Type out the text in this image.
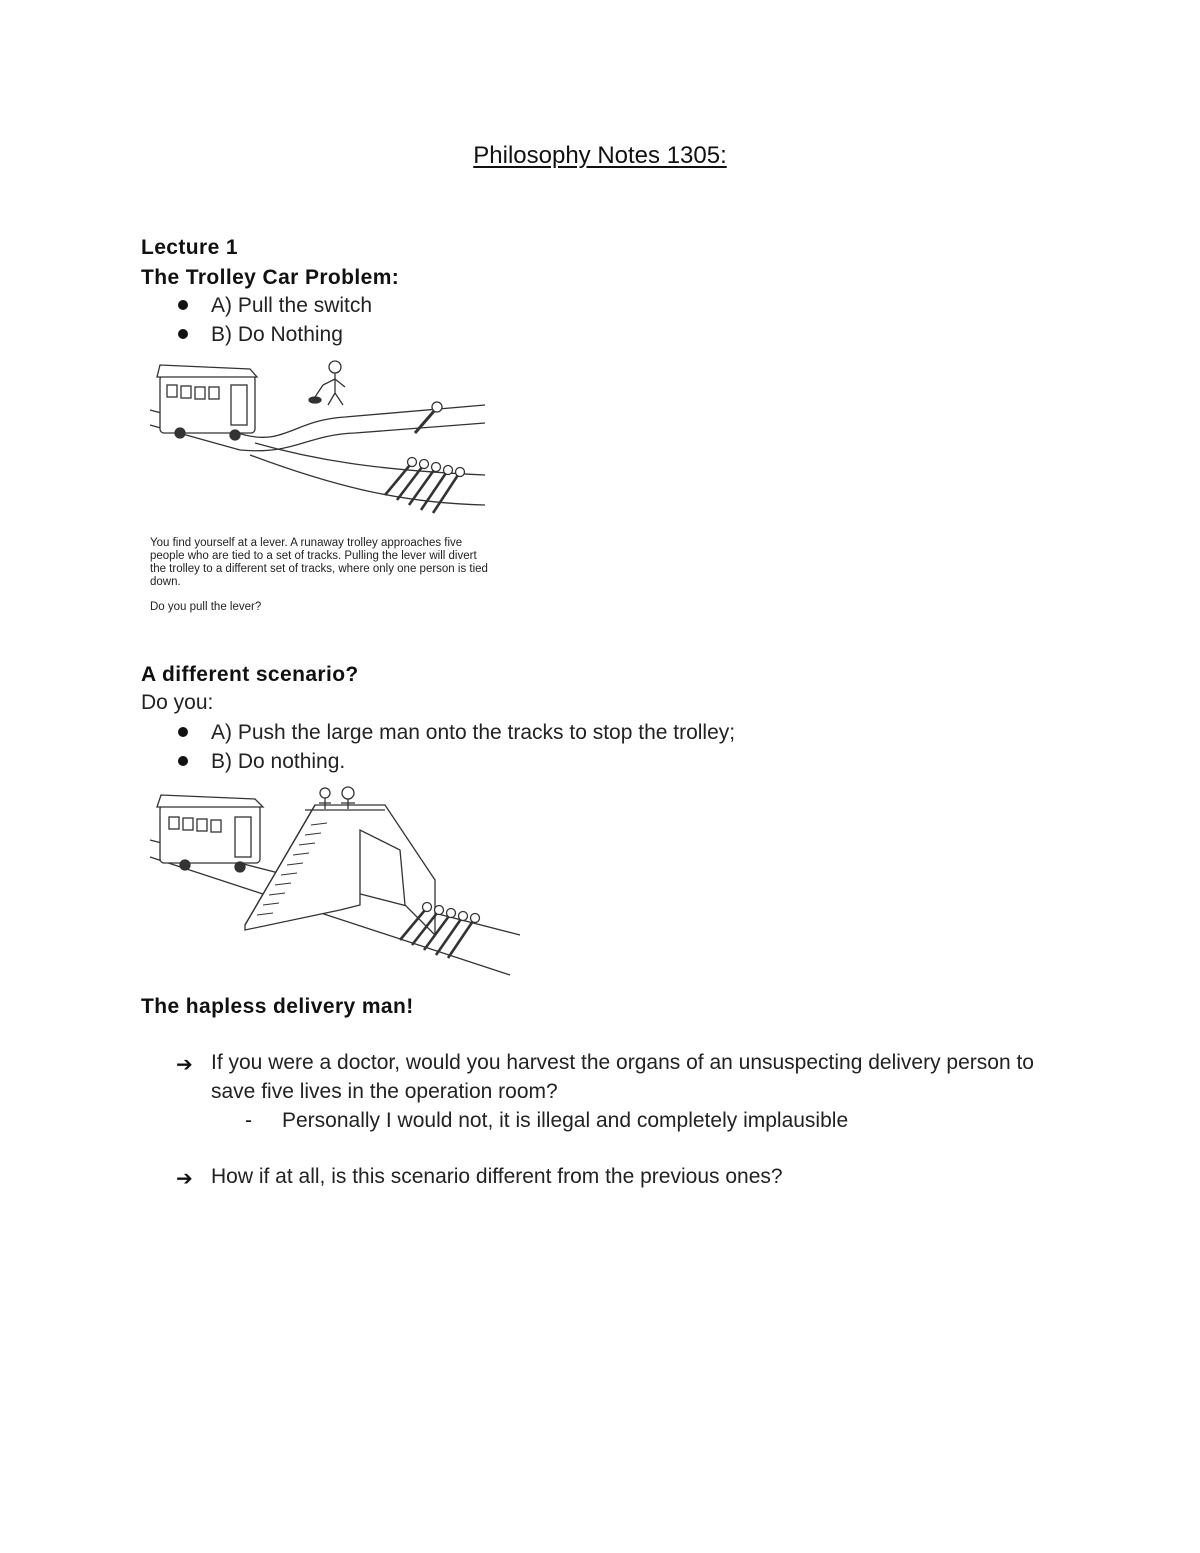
Philosophy Notes 1305:
Lecture 1
The Trolley Car Problem:
A) Pull the switch
B) Do Nothing
You find yourself at a lever. A runaway trolley approaches five
people who are tied to a set of tracks. Pulling the lever will divert
the trolley to a different set of tracks, where only one person is tied
down.
Do you pull the lever?
A different scenario?
Do you:
A) Push the large man onto the tracks to stop the trolley;
B) Do nothing.
The hapless delivery man!
➔ If you were a doctor, would you harvest the organs of an unsuspecting delivery person to
save five lives in the operation room?
- Personally I would not, it is illegal and completely implausible
➔ How if at all, is this scenario different from the previous ones?
